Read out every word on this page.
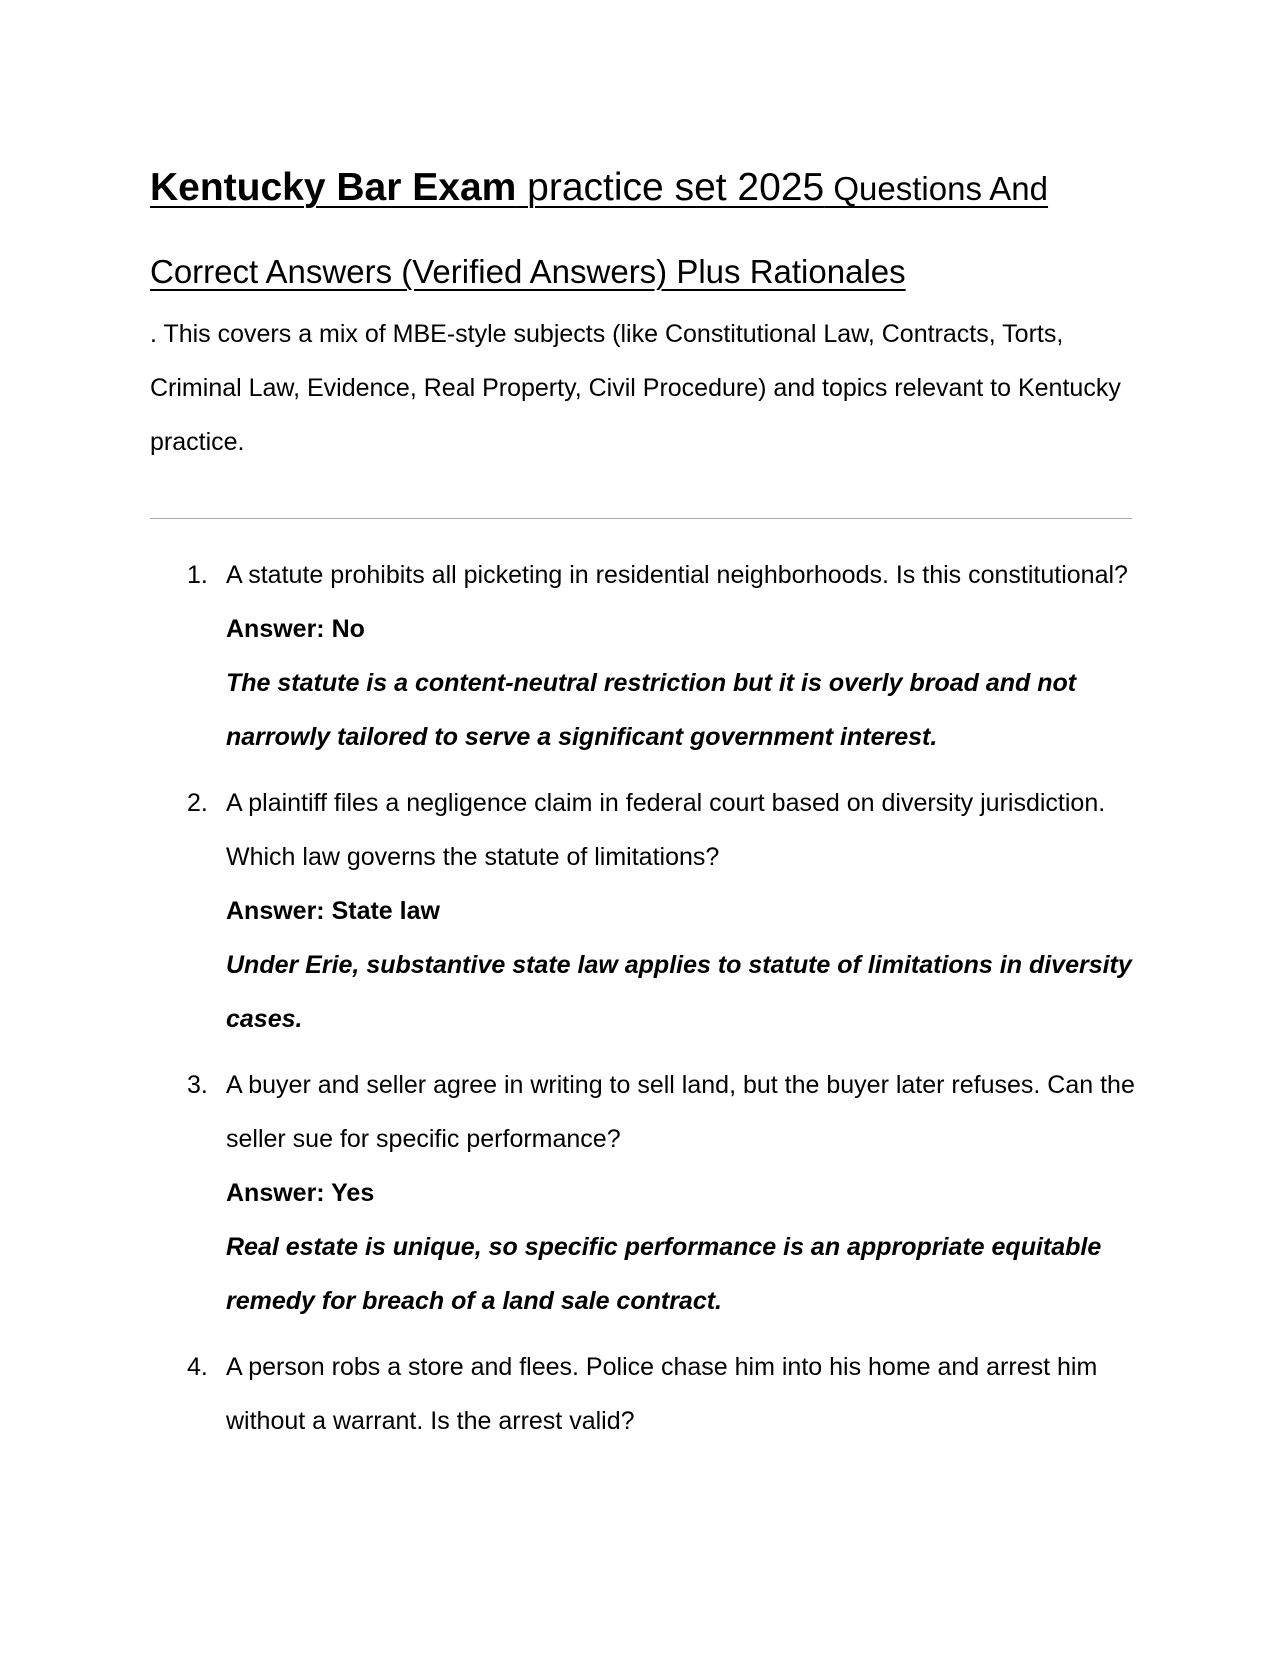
Kentucky Bar Exam practice set 2025 Questions And

Correct Answers (Verified Answers) Plus Rationales

. This covers a mix of MBE-style subjects (like Constitutional Law, Contracts, Torts, Criminal Law, Evidence, Real Property, Civil Procedure) and topics relevant to Kentucky practice.

1. A statute prohibits all picketing in residential neighborhoods. Is this constitutional?
Answer: No
The statute is a content-neutral restriction but it is overly broad and not narrowly tailored to serve a significant government interest.
2. A plaintiff files a negligence claim in federal court based on diversity jurisdiction. Which law governs the statute of limitations?
Answer: State law
Under Erie, substantive state law applies to statute of limitations in diversity cases.
3. A buyer and seller agree in writing to sell land, but the buyer later refuses. Can the seller sue for specific performance?
Answer: Yes
Real estate is unique, so specific performance is an appropriate equitable remedy for breach of a land sale contract.
4. A person robs a store and flees. Police chase him into his home and arrest him without a warrant. Is the arrest valid?
